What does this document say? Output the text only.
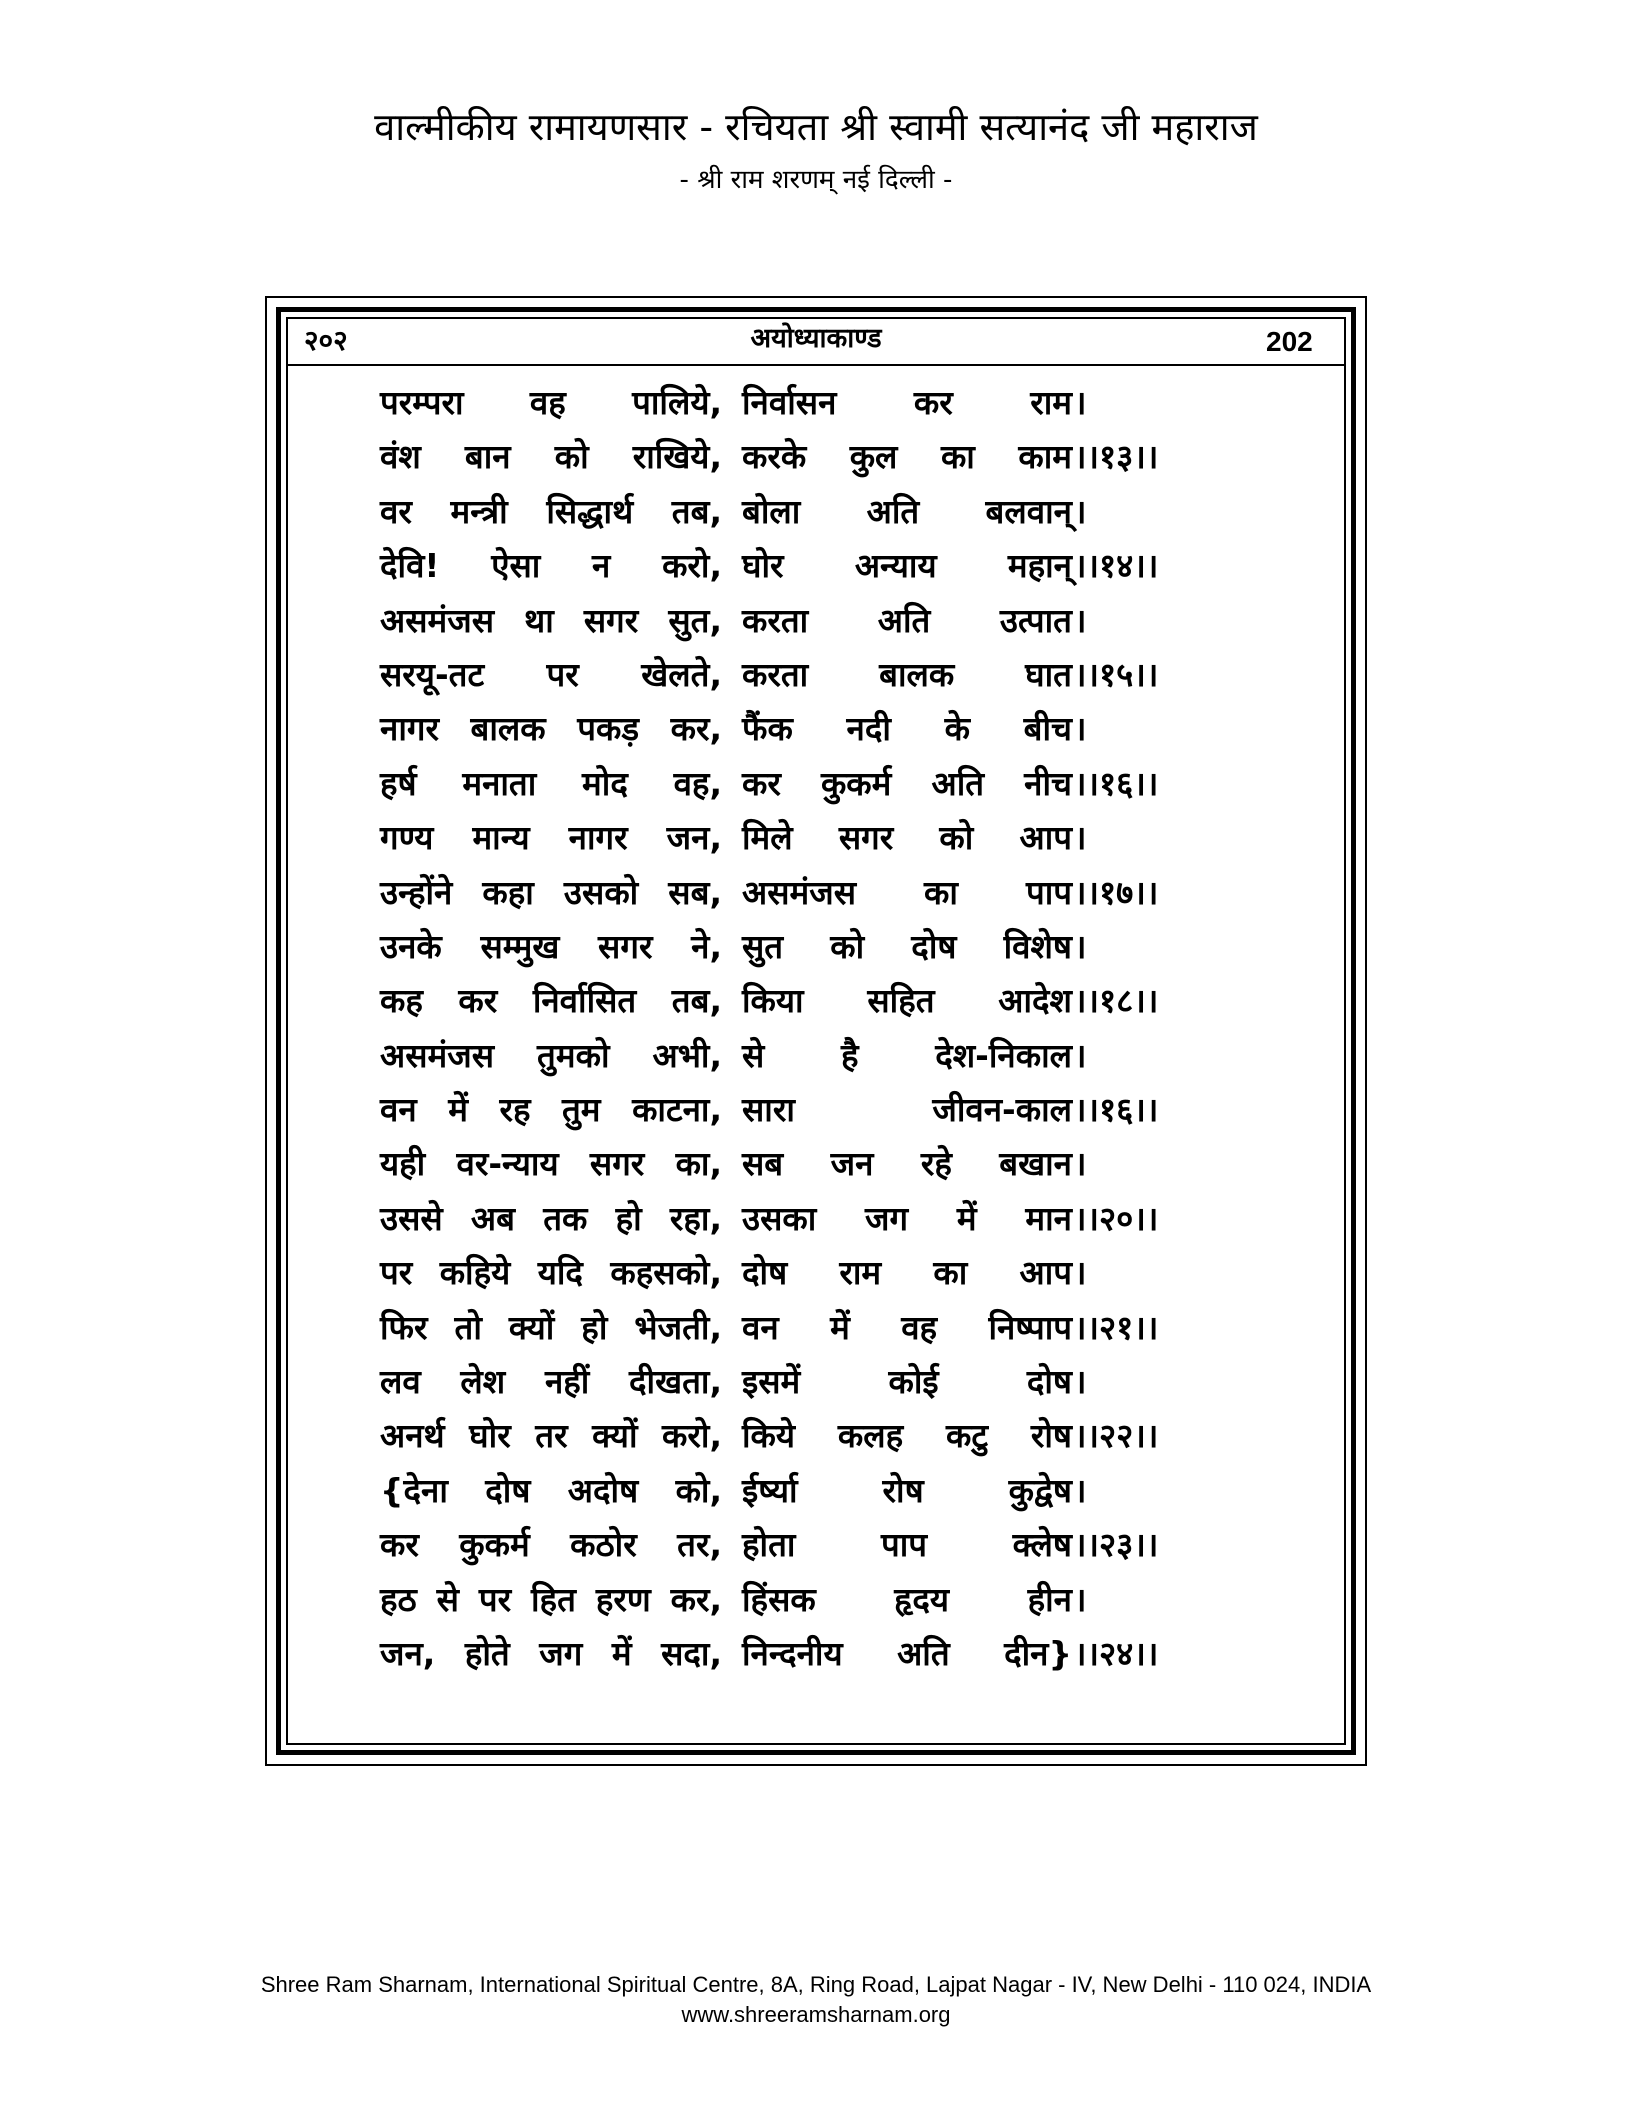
वाल्मीकीय रामायणसार - रचियता श्री स्वामी सत्यानंद जी महाराज
- श्री राम शरणम् नई दिल्ली -
२०२	अयोध्याकाण्ड	202
परम्परा वह पालिये, निर्वासन कर राम ।
वंश बान को राखिये, करके कुल का काम ।।१३।।
वर मन्त्री सिद्धार्थ तब, बोला अति बलवान् ।
देवि! ऐसा न करो, घोर अन्याय महान् ।।१४।।
असमंजस था सगर सुत, करता अति उत्पात ।
सरयू-तट पर खेलते, करता बालक घात ।।१५।।
नागर बालक पकड़ कर, फैंक नदी के बीच ।
हर्ष मनाता मोद वह, कर कुकर्म अति नीच ।।१६।।
गण्य मान्य नागर जन, मिले सगर को आप ।
उन्होंने कहा उसको सब, असमंजस का पाप ।।१७।।
उनके सम्मुख सगर ने, सुत को दोष विशेष ।
कह कर निर्वासित तब, किया सहित आदेश ।।१८।।
असमंजस तुमको अभी, से है देश-निकाल ।
वन में रह तुम काटना, सारा जीवन-काल ।।१६।।
यही वर-न्याय सगर का, सब जन रहे बखान ।
उससे अब तक हो रहा, उसका जग में मान ।।२०।।
पर कहिये यदि कहसको, दोष राम का आप ।
फिर तो क्यों हो भेजती, वन में वह निष्पाप ।।२१।।
लव लेश नहीं दीखता, इसमें कोई दोष ।
अनर्थ घोर तर क्यों करो, किये कलह कटु रोष ।।२२।।
{देना दोष अदोष को, ईर्ष्या रोष कुद्वेष ।
कर कुकर्म कठोर तर, होता पाप क्लेष ।।२३।।
हठ से पर हित हरण कर, हिंसक हृदय हीन ।
जन, होते जग में सदा, निन्दनीय अति दीन} ।।२४।।
Shree Ram Sharnam, International Spiritual Centre, 8A, Ring Road, Lajpat Nagar - IV, New Delhi - 110 024, INDIA
www.shreeramsharnam.org
